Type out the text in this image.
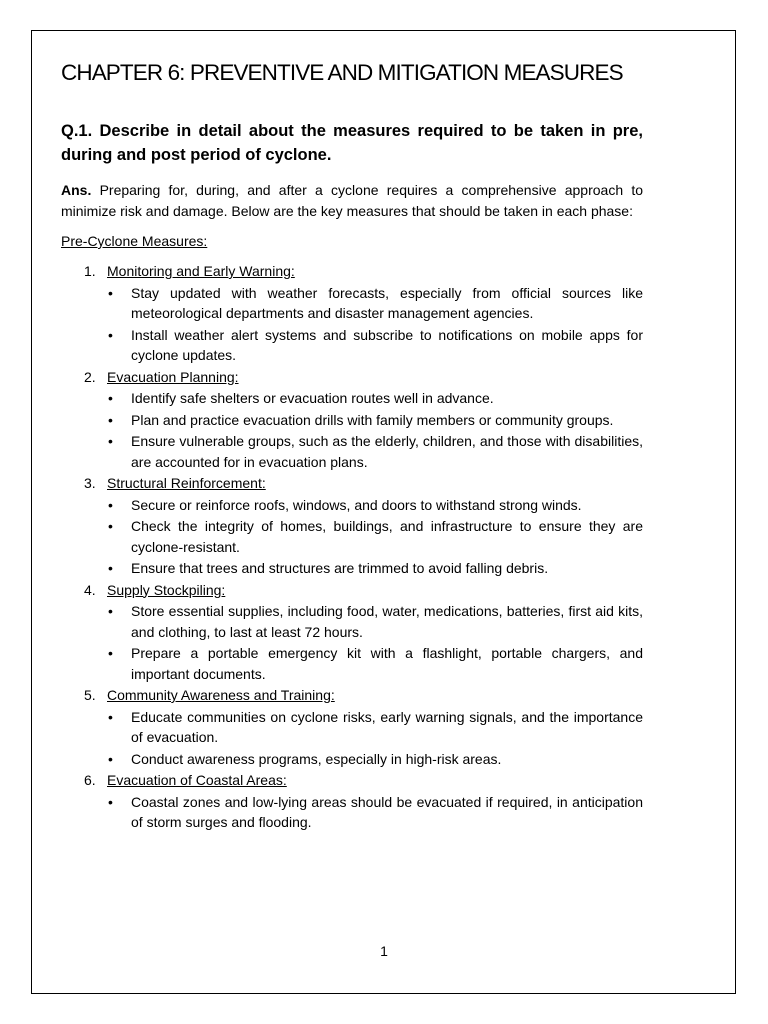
CHAPTER 6: PREVENTIVE AND MITIGATION MEASURES

Q.1. Describe in detail about the measures required to be taken in pre, during and post period of cyclone.

Ans. Preparing for, during, and after a cyclone requires a comprehensive approach to minimize risk and damage. Below are the key measures that should be taken in each phase:

Pre-Cyclone Measures:

1. Monitoring and Early Warning:
• Stay updated with weather forecasts, especially from official sources like meteorological departments and disaster management agencies.
• Install weather alert systems and subscribe to notifications on mobile apps for cyclone updates.
2. Evacuation Planning:
• Identify safe shelters or evacuation routes well in advance.
• Plan and practice evacuation drills with family members or community groups.
• Ensure vulnerable groups, such as the elderly, children, and those with disabilities, are accounted for in evacuation plans.
3. Structural Reinforcement:
• Secure or reinforce roofs, windows, and doors to withstand strong winds.
• Check the integrity of homes, buildings, and infrastructure to ensure they are cyclone-resistant.
• Ensure that trees and structures are trimmed to avoid falling debris.
4. Supply Stockpiling:
• Store essential supplies, including food, water, medications, batteries, first aid kits, and clothing, to last at least 72 hours.
• Prepare a portable emergency kit with a flashlight, portable chargers, and important documents.
5. Community Awareness and Training:
• Educate communities on cyclone risks, early warning signals, and the importance of evacuation.
• Conduct awareness programs, especially in high-risk areas.
6. Evacuation of Coastal Areas:
• Coastal zones and low-lying areas should be evacuated if required, in anticipation of storm surges and flooding.
1
